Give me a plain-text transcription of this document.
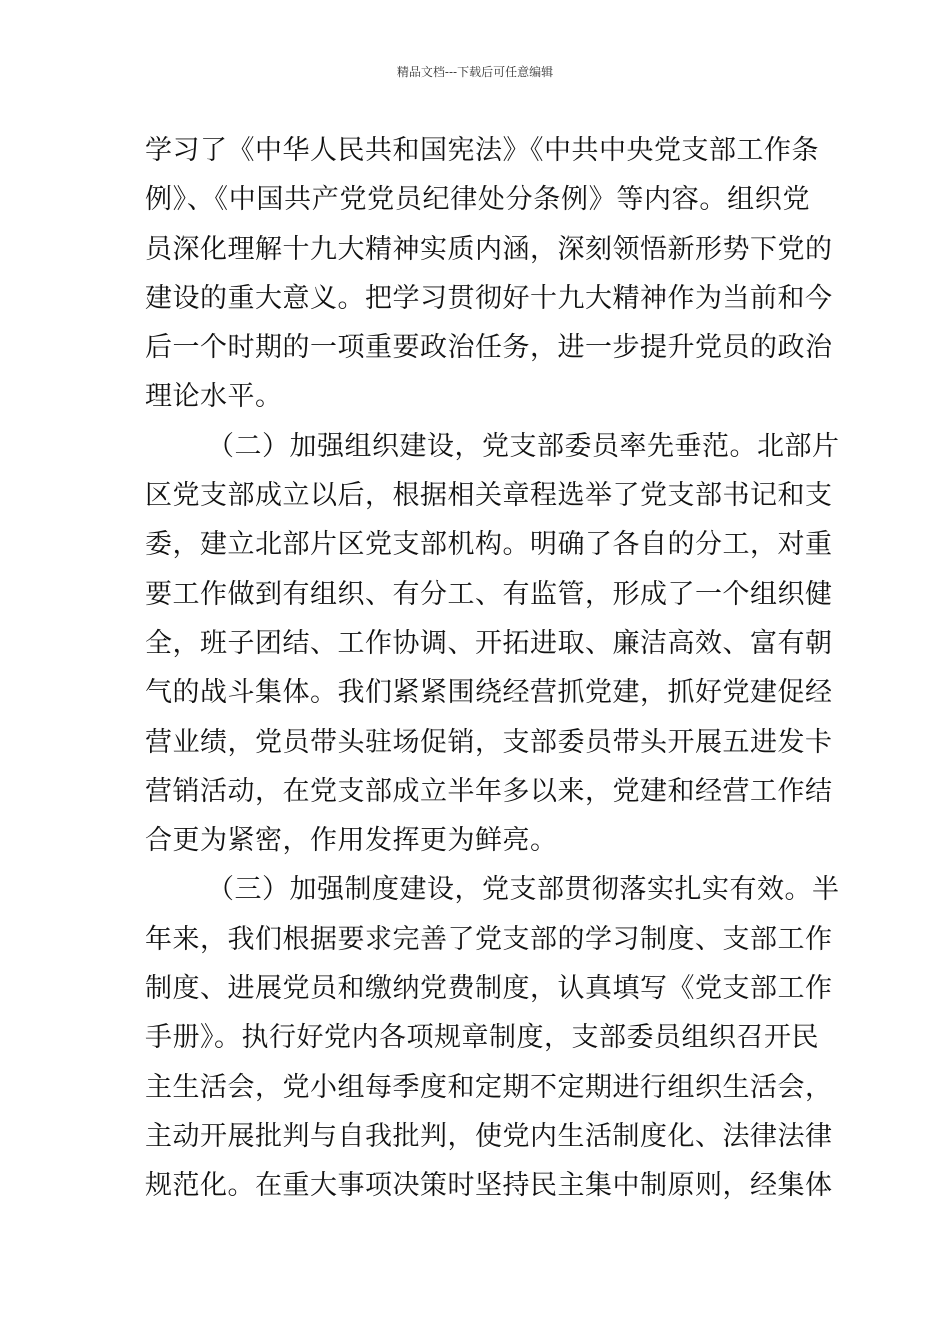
精品文档---下载后可任意编辑
学习了《中华人民共和国宪法》《中共中央党支部工作条
例》、《中国共产党党员纪律处分条例》等内容。组织党
员深化理解十九大精神实质内涵，深刻领悟新形势下党的
建设的重大意义。把学习贯彻好十九大精神作为当前和今
后一个时期的一项重要政治任务，进一步提升党员的政治
理论水平。
（二）加强组织建设，党支部委员率先垂范。北部片
区党支部成立以后，根据相关章程选举了党支部书记和支
委，建立北部片区党支部机构。明确了各自的分工，对重
要工作做到有组织、有分工、有监管，形成了一个组织健
全，班子团结、工作协调、开拓进取、廉洁高效、富有朝
气的战斗集体。我们紧紧围绕经营抓党建，抓好党建促经
营业绩，党员带头驻场促销，支部委员带头开展五进发卡
营销活动，在党支部成立半年多以来，党建和经营工作结
合更为紧密，作用发挥更为鲜亮。
（三）加强制度建设，党支部贯彻落实扎实有效。半
年来，我们根据要求完善了党支部的学习制度、支部工作
制度、进展党员和缴纳党费制度，认真填写《党支部工作
手册》。执行好党内各项规章制度，支部委员组织召开民
主生活会，党小组每季度和定期不定期进行组织生活会，
主动开展批判与自我批判，使党内生活制度化、法律法律
规范化。在重大事项决策时坚持民主集中制原则，经集体
